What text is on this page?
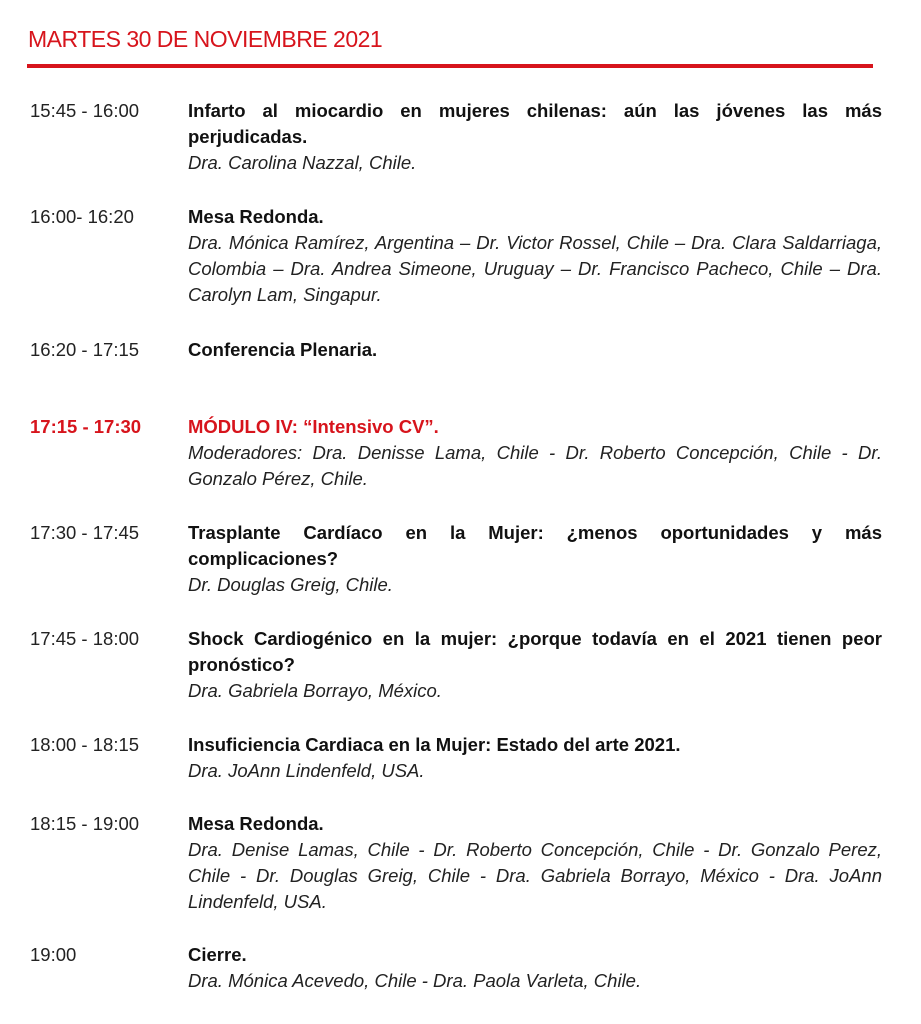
MARTES 30 DE NOVIEMBRE 2021
15:45 - 16:00	Infarto al miocardio en mujeres chilenas: aún las jóvenes las más perjudicadas.
Dra. Carolina Nazzal, Chile.
16:00- 16:20	Mesa Redonda.
Dra. Mónica Ramírez, Argentina – Dr. Victor Rossel, Chile – Dra. Clara Saldarriaga, Colombia – Dra. Andrea Simeone, Uruguay – Dr. Francisco Pacheco, Chile – Dra. Carolyn Lam, Singapur.
16:20 - 17:15	Conferencia Plenaria.
17:15 - 17:30	MÓDULO IV: “Intensivo CV”.
Moderadores: Dra. Denisse Lama, Chile - Dr. Roberto Concepción, Chile - Dr. Gonzalo Pérez, Chile.
17:30 - 17:45	Trasplante Cardíaco en la Mujer: ¿menos oportunidades y más complicaciones?
Dr. Douglas Greig, Chile.
17:45 - 18:00	Shock Cardiogénico en la mujer: ¿porque todavía en el 2021 tienen peor pronóstico?
Dra. Gabriela Borrayo, México.
18:00 - 18:15	Insuficiencia Cardiaca en la Mujer: Estado del arte 2021.
Dra. JoAnn Lindenfeld, USA.
18:15 - 19:00	Mesa Redonda.
Dra. Denise Lamas, Chile - Dr. Roberto Concepción, Chile - Dr. Gonzalo Perez, Chile - Dr. Douglas Greig, Chile - Dra. Gabriela Borrayo, México - Dra. JoAnn Lindenfeld, USA.
19:00	Cierre.
Dra. Mónica Acevedo, Chile - Dra. Paola Varleta, Chile.
